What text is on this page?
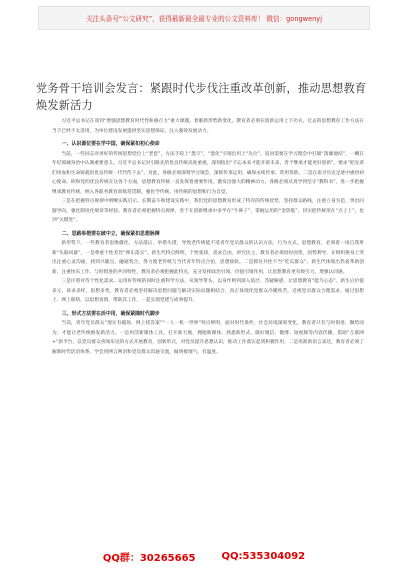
关注头条号“公文研究”，获得最新最全最专业的公文资料库！ 微信：gongwenyj
党务骨干培训会发言：紧跟时代步伐注重改革创新，推动思想教育焕发新活力

习近平总书记在谈到“增强思想教育时代性和感召力”重大课题，着眼新形势新变化。教育者必须在创新运用上下功夫，过去的思想教育工作方法在当下已经不太适用，为单位建设发展提供坚实思想保证。注入强效发展动力。

一、认识源位要在学中国，确保紧扣初心使命

当前，一些同志对讲好的传统思想党位上“老套”，方法手段上“墨守”，“墨化”引领出用上“先位”，追问需要在学习理会中打破“落翼他结”，一概在年纪领城身治中认满重要意义。习近平总书记对引路先的优良传统高度重视，深刻指出“不忘本来才能开辟未来，善于继承才能更好创新”。要求“把先辈们用血和生命铸就的优良传统一代代传下去”。对此，各级必须深刻学习领会，深抓传承运用，确保永续传承、常用常新。二是在追寻历史足迹中感悟初心使命。积和党的优良传统在这各个方面，思想教育传统一直发挥着重要作用。激发出强大的精神动力。各级必须从真学到坚守“教科书”，进一步把握继承教育传统，纳入各职务教育训练常贯制，强化学传统、用传统的思想和行为自觉。

三是在把握特点规律中明晰实践启示。长期奋斗和建设实践中，我们党的思想教育形成了特有的传统优势，坚持群众路线，注重立身为范、突出问题导向，强化制度化规章等经验。教育者必须把握特点规律，善于在创新继承中多学在“牛鼻子”，掌握运用的“金钥匙”，切实把传统用在“点子上”，也到“关键处”。

二、思路举措要在破中立，确保紧扣思想脉搏

新形势下，一些教育者思维僵化、方法落后、举措失措，导致老传统能不适青年党员群众的认识方法、行为方式。思想教育，必须着一场自我革新“头脑风暴”，一是尊重个性差异“弹东落实”。新生代特点鲜明，个性张扬，追求自由，讲究民主，教育者必须因时而变，因势利导，在组织换身上突出注重心灵沟通，找到兴趣点，融通契合，努力使老传统与当代青年特点合拍，思想接轨。二是抓住共性不当“吃瓜群众”。新生代体现出热爱革新创新，注重快乐工作、与时俱进的共同特性，教育者必须把握此特点，充分发挥政治引领、价值引领作用，让思想教育更有吸引力，增强认同感。

三是区别对待个性化需求。运用好传统的同时注重科学方法，从领导带头、以身作则到深入基层、答疑解惑，让思想教育“能鸟心态”，新生后价值多元，诉求多样，思想多变，教育者必须坚持解决思想问题与解决实际问题相结合，真正体现化党群众冷暖疾苦，近视党员群众合理需求，通过思想上、网上联络，以思想真情，帮助其工作，一起实现党建与成事提升。

三、形式方法要在活中用，确保紧随时代脚步

当前，青年党员群众“现实有磁场、网上找答案”“一人一机一世界”特点鲜明，面对时代条件，社会环境深刻变化，教育者只有与时俱进、顺势而为，才能让老传统焕发新活力。一是用活新媒体工具，打开新天地，拥抱新媒体，熟悉新形式，做好微信、微博、短视频等内容传播，借助“互联网+“新平台，以党员群众喜闻乐见的方式开展教育，创新形式，对党员提升思想认识，推动工作落实起到积极作用。二是用准新语言表达，教育者必须了解新时代话语体系，学会用网言网语和党员群众沟通交流，做到接地气、有温度。

QQ群：30265665	QQ:535304092
